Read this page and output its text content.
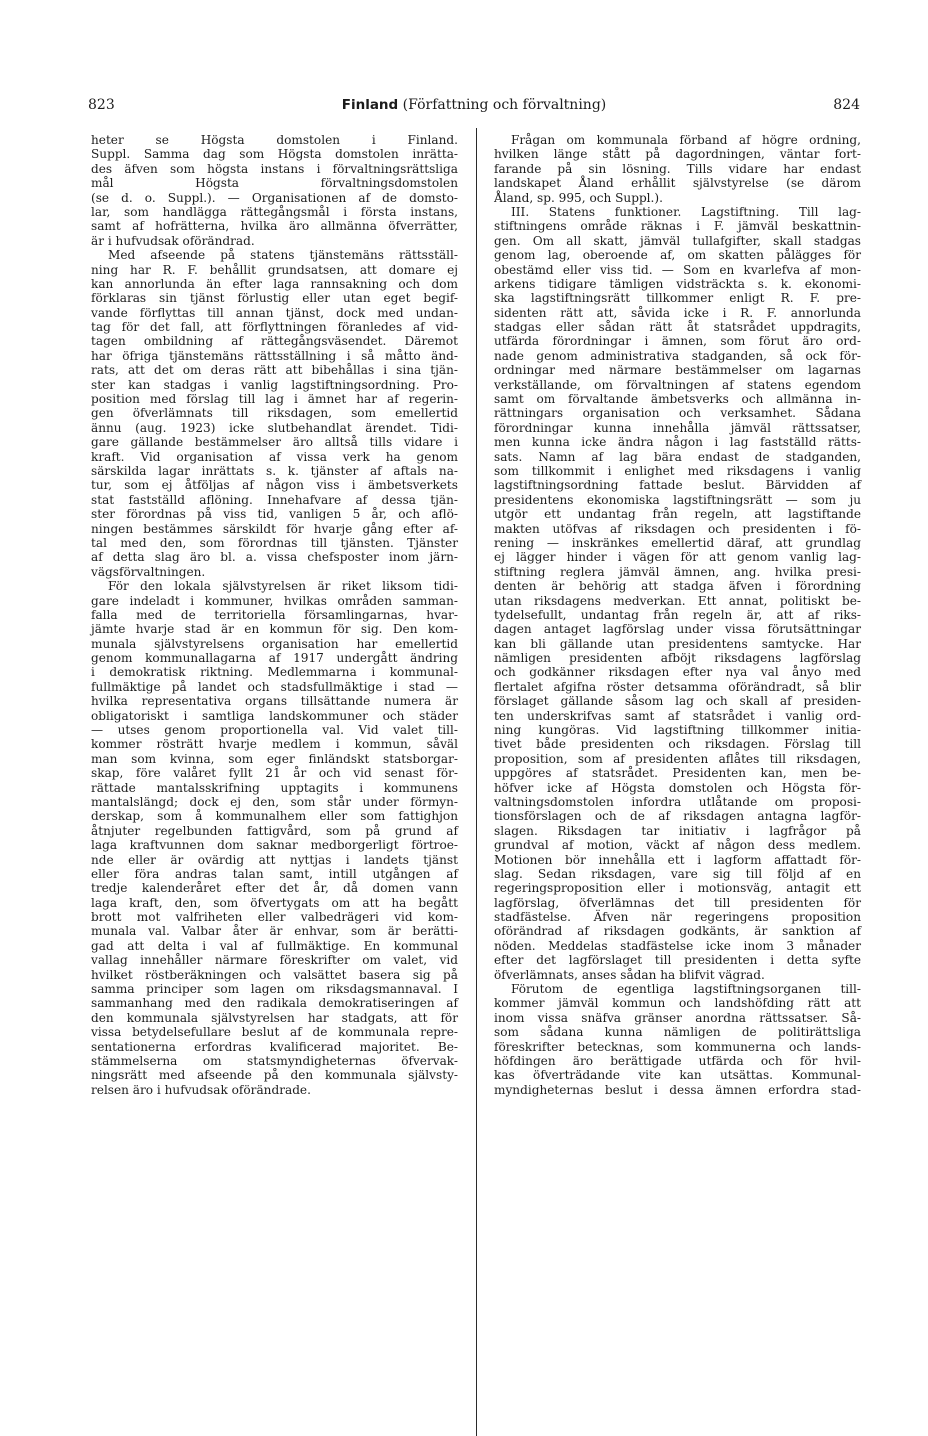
823	Finland (Författning och förvaltning)	824
heter se Högsta domstolen i Finland.
Suppl. Samma dag som Högsta domstolen inrätta-
des äfven som högsta instans i förvaltningsrättsliga
mål Högsta förvaltningsdomstolen
(se d. o. Suppl.). — Organisationen af de domsto-
lar, som handlägga rättegångsmål i första instans,
samt af hofrätterna, hvilka äro allmänna öfverrätter,
är i hufvudsak oförändrad.
Med afseende på statens tjänstemäns rättsställ-
ning har R. F. behållit grundsatsen, att domare ej
kan annorlunda än efter laga rannsakning och dom
förklaras sin tjänst förlustig eller utan eget begif-
vande förflyttas till annan tjänst, dock med undan-
tag för det fall, att förflyttningen föranledes af vid-
tagen ombildning af rättegångsväsendet. Däremot
har öfriga tjänstemäns rättsställning i så måtto änd-
rats, att det om deras rätt att bibehållas i sina tjän-
ster kan stadgas i vanlig lagstiftningsordning. Pro-
position med förslag till lag i ämnet har af regerin-
gen öfverlämnats till riksdagen, som emellertid
ännu (aug. 1923) icke slutbehandlat ärendet. Tidi-
gare gällande bestämmelser äro alltså tills vidare i
kraft. Vid organisation af vissa verk ha genom
särskilda lagar inrättats s. k. tjänster af aftals na-
tur, som ej åtföljas af någon viss i ämbetsverkets
stat fastställd aflöning. Innehafvare af dessa tjän-
ster förordnas på viss tid, vanligen 5 år, och aflö-
ningen bestämmes särskildt för hvarje gång efter af-
tal med den, som förordnas till tjänsten. Tjänster
af detta slag äro bl. a. vissa chefsposter inom järn-
vägsförvaltningen.
För den lokala självstyrelsen är riket liksom tidi-
gare indeladt i kommuner, hvilkas områden samman-
falla med de territoriella församlingarnas, hvar-
jämte hvarje stad är en kommun för sig. Den kom-
munala självstyrelsens organisation har emellertid
genom kommunallagarna af 1917 undergått ändring
i demokratisk riktning. Medlemmarna i kommunal-
fullmäktige på landet och stadsfullmäktige i stad —
hvilka representativa organs tillsättande numera är
obligatoriskt i samtliga landskommuner och städer
— utses genom proportionella val. Vid valet till-
kommer rösträtt hvarje medlem i kommun, såväl
man som kvinna, som eger finländskt statsborgar-
skap, före valåret fyllt 21 år och vid senast för-
rättade mantalsskrifning upptagits i kommunens
mantalslängd; dock ej den, som står under förmyn-
derskap, som å kommunalhem eller som fattighjon
åtnjuter regelbunden fattigvård, som på grund af
laga kraftvunnen dom saknar medborgerligt förtroe-
nde eller är ovärdig att nyttjas i landets tjänst
eller föra andras talan samt, intill utgången af
tredje kalenderåret efter det år, då domen vann
laga kraft, den, som öfvertygats om att ha begått
brott mot valfriheten eller valbedrägeri vid kom-
munala val. Valbar åter är enhvar, som är berätti-
gad att delta i val af fullmäktige. En kommunal
vallag innehåller närmare föreskrifter om valet, vid
hvilket röstberäkningen och valsättet basera sig på
samma principer som lagen om riksdagsmannaval. I
sammanhang med den radikala demokratiseringen af
den kommunala självstyrelsen har stadgats, att för
vissa betydelsefullare beslut af de kommunala repre-
sentationerna erfordras kvalificerad majoritet. Be-
stämmelserna om statsmyndigheternas öfvervak-
ningsrätt med afseende på den kommunala självsty-
relsen äro i hufvudsak oförändrade.
Frågan om kommunala förband af högre ordning,
hvilken länge stått på dagordningen, väntar fort-
farande på sin lösning. Tills vidare har endast
landskapet Åland erhållit självstyrelse (se därom
Åland, sp. 995, och Suppl.).
III. Statens funktioner. Lagstiftning. Till lag-
stiftningens område räknas i F. jämväl beskattnin-
gen. Om all skatt, jämväl tullafgifter, skall stadgas
genom lag, oberoende af, om skatten pålägges för
obestämd eller viss tid. — Som en kvarlefva af mon-
arkens tidigare tämligen vidsträckta s. k. ekonomi-
ska lagstiftningsrätt tillkommer enligt R. F. pre-
sidenten rätt att, såvida icke i R. F. annorlunda
stadgas eller sådan rätt åt statsrådet uppdragits,
utfärda förordningar i ämnen, som förut äro ord-
nade genom administrativa stadganden, så ock för-
ordningar med närmare bestämmelser om lagarnas
verkställande, om förvaltningen af statens egendom
samt om förvaltande ämbetsverks och allmänna in-
rättningars organisation och verksamhet. Sådana
förordningar kunna innehålla jämväl rättssatser,
men kunna icke ändra någon i lag fastställd rätts-
sats. Namn af lag bära endast de stadganden,
som tillkommit i enlighet med riksdagens i vanlig
lagstiftningsordning fattade beslut. Bärvidden af
presidentens ekonomiska lagstiftningsrätt — som ju
utgör ett undantag från regeln, att lagstiftande
makten utöfvas af riksdagen och presidenten i fö-
rening — inskränkes emellertid däraf, att grundlag
ej lägger hinder i vägen för att genom vanlig lag-
stiftning reglera jämväl ämnen, ang. hvilka presi-
denten är behörig att stadga äfven i förordning
utan riksdagens medverkan. Ett annat, politiskt be-
tydelsefullt, undantag från regeln är, att af riks-
dagen antaget lagförslag under vissa förutsättningar
kan bli gällande utan presidentens samtycke. Har
nämligen presidenten afböjt riksdagens lagförslag
och godkänner riksdagen efter nya val ånyo med
flertalet afgifna röster detsamma oförändradt, så blir
förslaget gällande såsom lag och skall af presiden-
ten underskrifvas samt af statsrådet i vanlig ord-
ning kungöras. Vid lagstiftning tillkommer initia-
tivet både presidenten och riksdagen. Förslag till
proposition, som af presidenten aflåtes till riksdagen,
uppgöres af statsrådet. Presidenten kan, men be-
höfver icke af Högsta domstolen och Högsta för-
valtningsdomstolen infordra utlåtande om proposi-
tionsförslagen och de af riksdagen antagna lagför-
slagen. Riksdagen tar initiativ i lagfrågor på
grundval af motion, väckt af någon dess medlem.
Motionen bör innehålla ett i lagform affattadt för-
slag. Sedan riksdagen, vare sig till följd af en
regeringsproposition eller i motionsväg, antagit ett
lagförslag, öfverlämnas det till presidenten för
stadfästelse. Äfven när regeringens proposition
oförändrad af riksdagen godkänts, är sanktion af
nöden. Meddelas stadfästelse icke inom 3 månader
efter det lagförslaget till presidenten i detta syfte
öfverlämnats, anses sådan ha blifvit vägrad.
Förutom de egentliga lagstiftningsorganen till-
kommer jämväl kommun och landshöfding rätt att
inom vissa snäfva gränser anordna rättssatser. Så-
som sådana kunna nämligen de politirättsliga
föreskrifter betecknas, som kommunerna och lands-
höfdingen äro berättigade utfärda och för hvil-
kas öfverträdande vite kan utsättas. Kommunal-
myndigheternas beslut i dessa ämnen erfordra stad-
